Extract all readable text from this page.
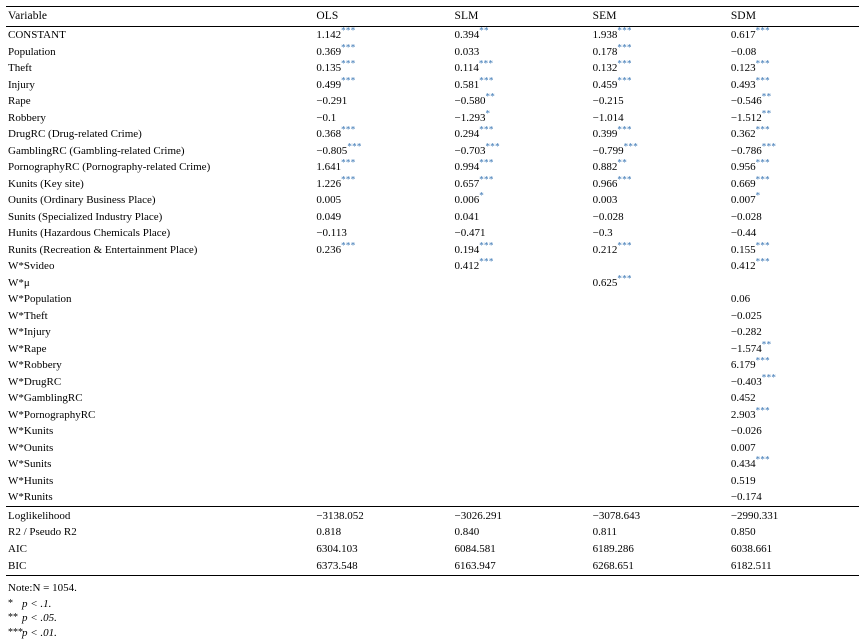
Variable	OLS	SLM	SEM	SDM
CONSTANT	1.142***	0.394**	1.938***	0.617***
Population	0.369***	0.033	0.178***	−0.08
Theft	0.135***	0.114***	0.132***	0.123***
Injury	0.499***	0.581***	0.459***	0.493***
Rape	−0.291	−0.580**	−0.215	−0.546**
Robbery	−0.1	−1.293*	−1.014	−1.512**
DrugRC (Drug-related Crime)	0.368***	0.294***	0.399***	0.362***
GamblingRC (Gambling-related Crime)	−0.805***	−0.703***	−0.799***	−0.786***
PornographyRC (Pornography-related Crime)	1.641***	0.994***	0.882**	0.956***
Kunits (Key site)	1.226***	0.657***	0.966***	0.669***
Ounits (Ordinary Business Place)	0.005	0.006*	0.003	0.007*
Sunits (Specialized Industry Place)	0.049	0.041	−0.028	−0.028
Hunits (Hazardous Chemicals Place)	−0.113	−0.471	−0.3	−0.44
Runits (Recreation & Entertainment Place)	0.236***	0.194***	0.212***	0.155***
W*Svideo		0.412***		0.412***
W*μ			0.625***	
W*Population				0.06
W*Theft				−0.025
W*Injury				−0.282
W*Rape				−1.574**
W*Robbery				6.179***
W*DrugRC				−0.403***
W*GamblingRC				0.452
W*PornographyRC				2.903***
W*Kunits				−0.026
W*Ounits				0.007
W*Sunits				0.434***
W*Hunits				0.519
W*Runits				−0.174
Loglikelihood	−3138.052	−3026.291	−3078.643	−2990.331
R2 / Pseudo R2	0.818	0.840	0.811	0.850
AIC	6304.103	6084.581	6189.286	6038.661
BIC	6373.548	6163.947	6268.651	6182.511
Note:N = 1054.
* p < .1.
** p < .05.
***p < .01.
